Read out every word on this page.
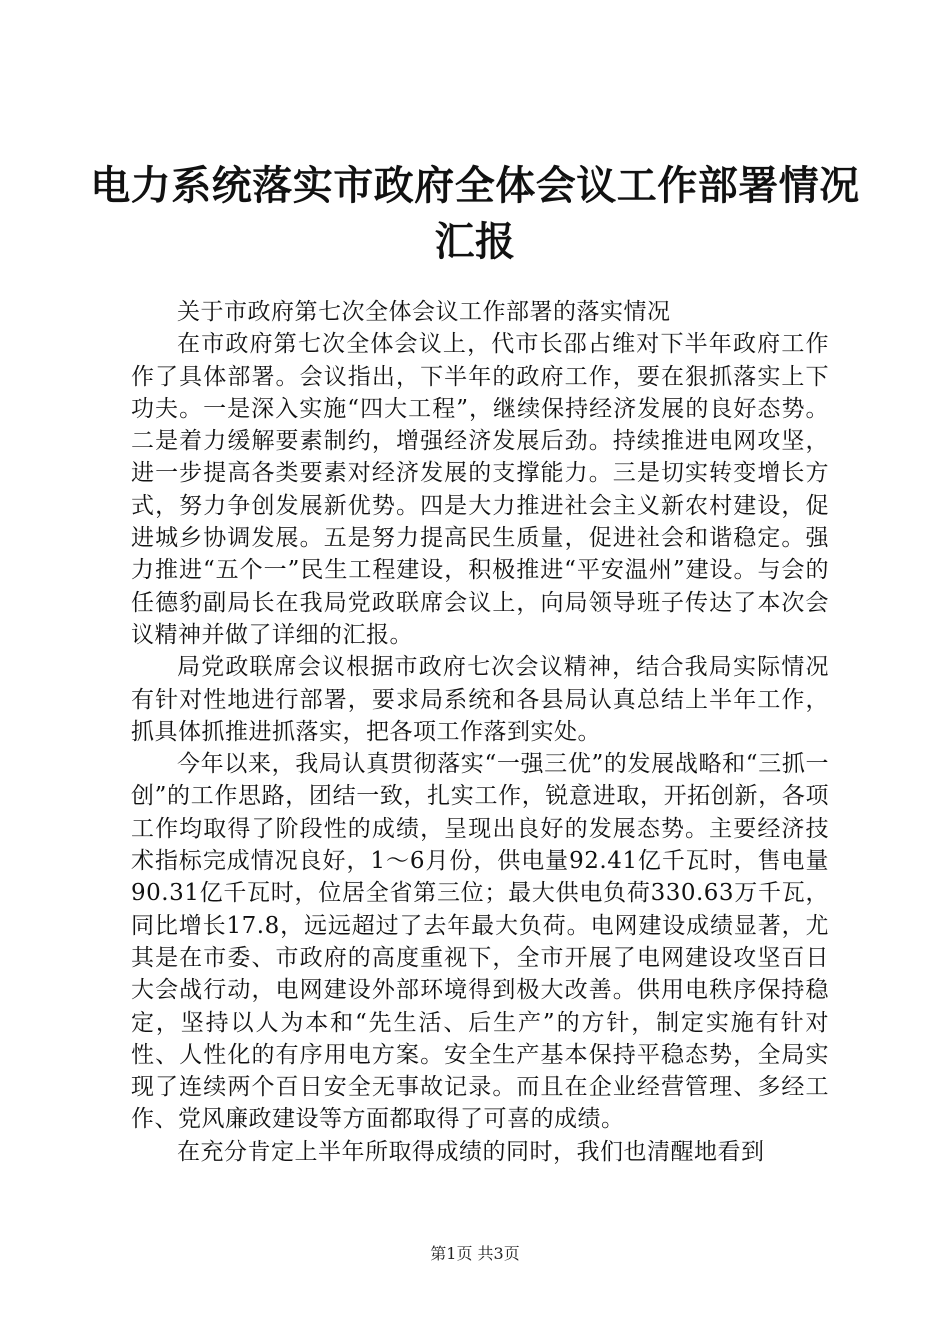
电力系统落实市政府全体会议工作部署情况汇报

关于市政府第七次全体会议工作部署的落实情况

在市政府第七次全体会议上，代市长邵占维对下半年政府工作作了具体部署。会议指出，下半年的政府工作，要在狠抓落实上下功夫。一是深入实施“四大工程”，继续保持经济发展的良好态势。二是着力缓解要素制约，增强经济发展后劲。持续推进电网攻坚，进一步提高各类要素对经济发展的支撑能力。三是切实转变增长方式，努力争创发展新优势。四是大力推进社会主义新农村建设，促进城乡协调发展。五是努力提高民生质量，促进社会和谐稳定。强力推进“五个一”民生工程建设，积极推进“平安温州”建设。与会的任德豹副局长在我局党政联席会议上，向局领导班子传达了本次会议精神并做了详细的汇报。

局党政联席会议根据市政府七次会议精神，结合我局实际情况有针对性地进行部署，要求局系统和各县局认真总结上半年工作，抓具体抓推进抓落实，把各项工作落到实处。

今年以来，我局认真贯彻落实“一强三优”的发展战略和“三抓一创”的工作思路，团结一致，扎实工作，锐意进取，开拓创新，各项工作均取得了阶段性的成绩，呈现出良好的发展态势。主要经济技术指标完成情况良好，1～6月份，供电量92.41亿千瓦时，售电量90.31亿千瓦时，位居全省第三位；最大供电负荷330.63万千瓦，同比增长17.8，远远超过了去年最大负荷。电网建设成绩显著，尤其是在市委、市政府的高度重视下，全市开展了电网建设攻坚百日大会战行动，电网建设外部环境得到极大改善。供用电秩序保持稳定，坚持以人为本和“先生活、后生产”的方针，制定实施有针对性、人性化的有序用电方案。安全生产基本保持平稳态势，全局实现了连续两个百日安全无事故记录。而且在企业经营管理、多经工作、党风廉政建设等方面都取得了可喜的成绩。

在充分肯定上半年所取得成绩的同时，我们也清醒地看到

第1页 共3页
